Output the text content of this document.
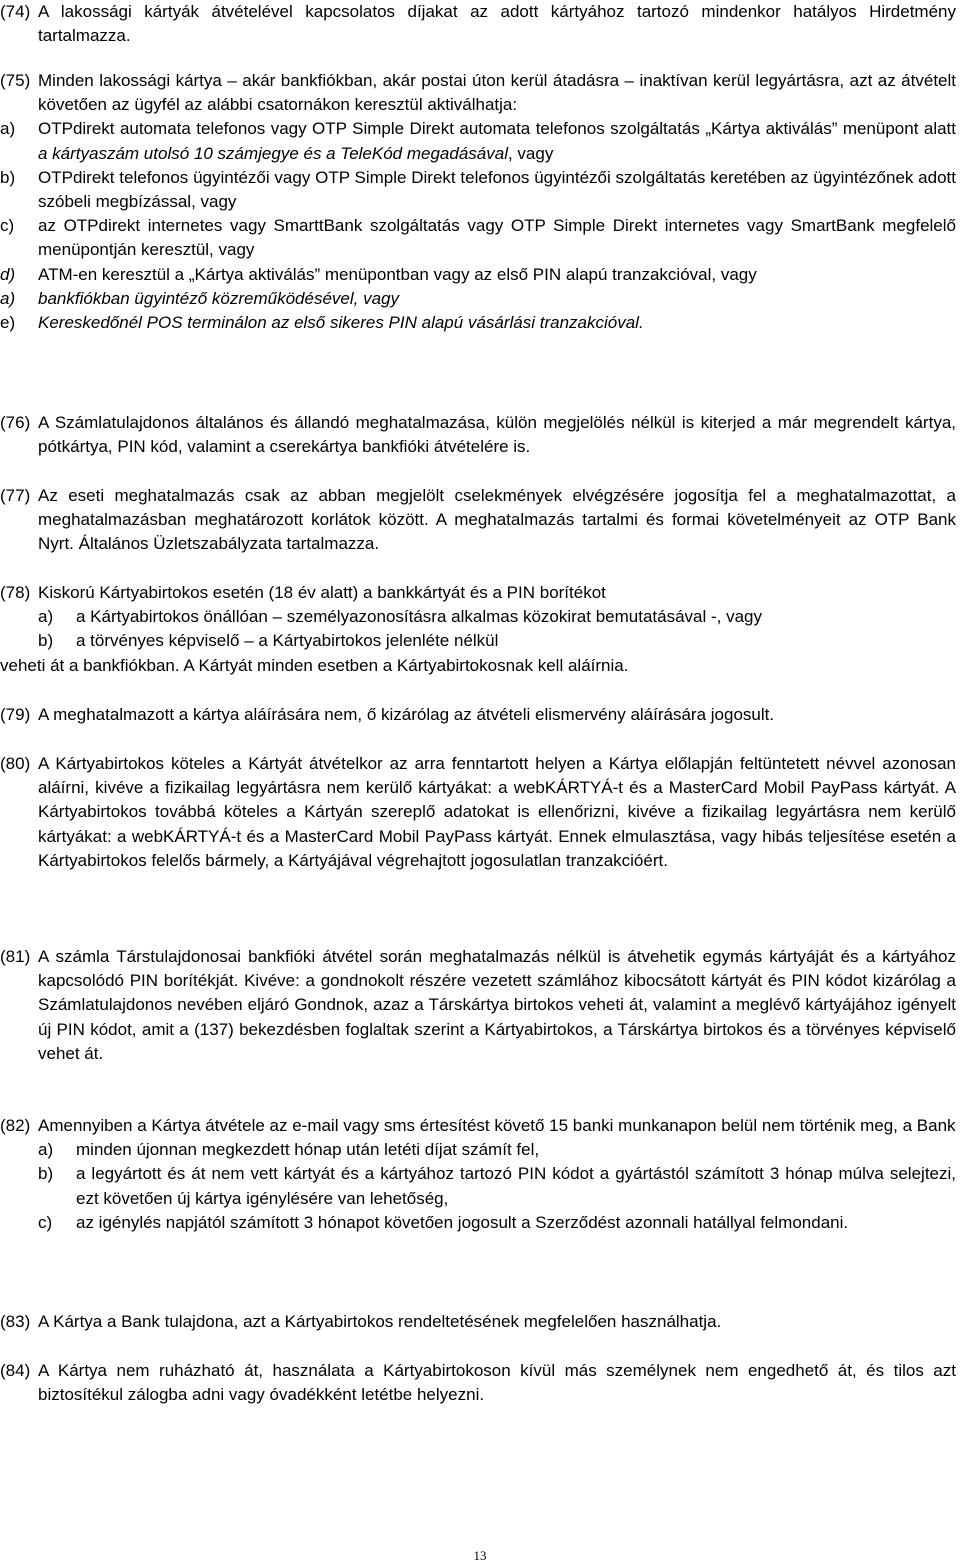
(74) A lakossági kártyák átvételével kapcsolatos díjakat az adott kártyához tartozó mindenkor hatályos Hirdetmény tartalmazza.
(75) Minden lakossági kártya – akár bankfiókban, akár postai úton kerül átadásra – inaktívan kerül legyártásra, azt az átvételt követően az ügyfél az alábbi csatornákon keresztül aktiválhatja:
a)	OTPdirekt automata telefonos vagy OTP Simple Direkt automata telefonos szolgáltatás „Kártya aktiválás” menüpont alatt a kártyaszám utolsó 10 számjegye és a TeleKód megadásával, vagy
b)	OTPdirekt telefonos ügyintézői vagy OTP Simple Direkt telefonos ügyintézői szolgáltatás keretében az ügyintézőnek adott szóbeli megbízással, vagy
c)	az OTPdirekt internetes vagy SmarttBank szolgáltatás vagy OTP Simple Direkt internetes vagy SmartBank megfelelő menüpontján keresztül, vagy
d)	ATM-en keresztül a „Kártya aktiválás” menüpontban vagy az első PIN alapú tranzakcióval, vagy
a)	bankfiókban ügyintéző közreműködésével, vagy
e)	Kereskedőnél POS terminálon az első sikeres PIN alapú vásárlási tranzakcióval.
(76) A Számlatulajdonos általános és állandó meghatalmazása, külön megjelölés nélkül is kiterjed a már megrendelt kártya, pótkártya, PIN kód, valamint a cserekártya bankfióki átvételére is.
(77) Az eseti meghatalmazás csak az abban megjelölt cselekmények elvégzésére jogosítja fel a meghatalmazottat, a meghatalmazásban meghatározott korlátok között. A meghatalmazás tartalmi és formai követelményeit az OTP Bank Nyrt. Általános Üzletszabályzata tartalmazza.
(78) Kiskorú Kártyabirtokos esetén (18 év alatt) a bankkártyát és a PIN borítékot
a)	a Kártyabirtokos önállóan – személyazonosításra alkalmas közokirat bemutatásával -, vagy
b)	a törvényes képviselő – a Kártyabirtokos jelenléte nélkül
veheti át a bankfiókban. A Kártyát minden esetben a Kártyabirtokosnak kell aláírnia.
(79) A meghatalmazott a kártya aláírására nem, ő kizárólag az átvételi elismervény aláírására jogosult.
(80) A Kártyabirtokos köteles a Kártyát átvételkor az arra fenntartott helyen a Kártya előlapján feltüntetett névvel azonosan aláírni, kivéve a fizikailag legyártásra nem kerülő kártyákat: a webKÁRTYÁ-t és a MasterCard Mobil PayPass kártyát. A Kártyabirtokos továbbá köteles a Kártyán szereplő adatokat is ellenőrizni, kivéve a fizikailag legyártásra nem kerülő kártyákat: a webKÁRTYÁ-t és a MasterCard Mobil PayPass kártyát. Ennek elmulasztása, vagy hibás teljesítése esetén a Kártyabirtokos felelős bármely, a Kártyájával végrehajtott jogosulatlan tranzakcióért.
(81) A számla Társtulajdonosai bankfióki átvétel során meghatalmazás nélkül is átvehetik egymás kártyáját és a kártyához kapcsolódó PIN borítékját. Kivéve: a gondnokolt részére vezetett számlához kibocsátott kártyát és PIN kódot kizárólag a Számlatulajdonos nevében eljáró Gondnok, azaz a Társkártya birtokos veheti át, valamint a meglévő kártyájához igényelt új PIN kódot, amit a (137) bekezdésben foglaltak szerint a Kártyabirtokos, a Társkártya birtokos és a törvényes képviselő vehet át.
(82) Amennyiben a Kártya átvétele az e-mail vagy sms értesítést követő 15 banki munkanapon belül nem történik meg, a Bank
a)	minden újonnan megkezdett hónap után letéti díjat számít fel,
b)	a legyártott és át nem vett kártyát és a kártyához tartozó PIN kódot a gyártástól számított 3 hónap múlva selejtezi, ezt követően új kártya igénylésére van lehetőség,
c)	az igénylés napjától számított 3 hónapot követően jogosult a Szerződést azonnali hatállyal felmondani.
(83) A Kártya a Bank tulajdona, azt a Kártyabirtokos rendeltetésének megfelelően használhatja.
(84) A Kártya nem ruházható át, használata a Kártyabirtokoson kívül más személynek nem engedhető át, és tilos azt biztosítékul zálogba adni vagy óvadékként letétbe helyezni.
13
